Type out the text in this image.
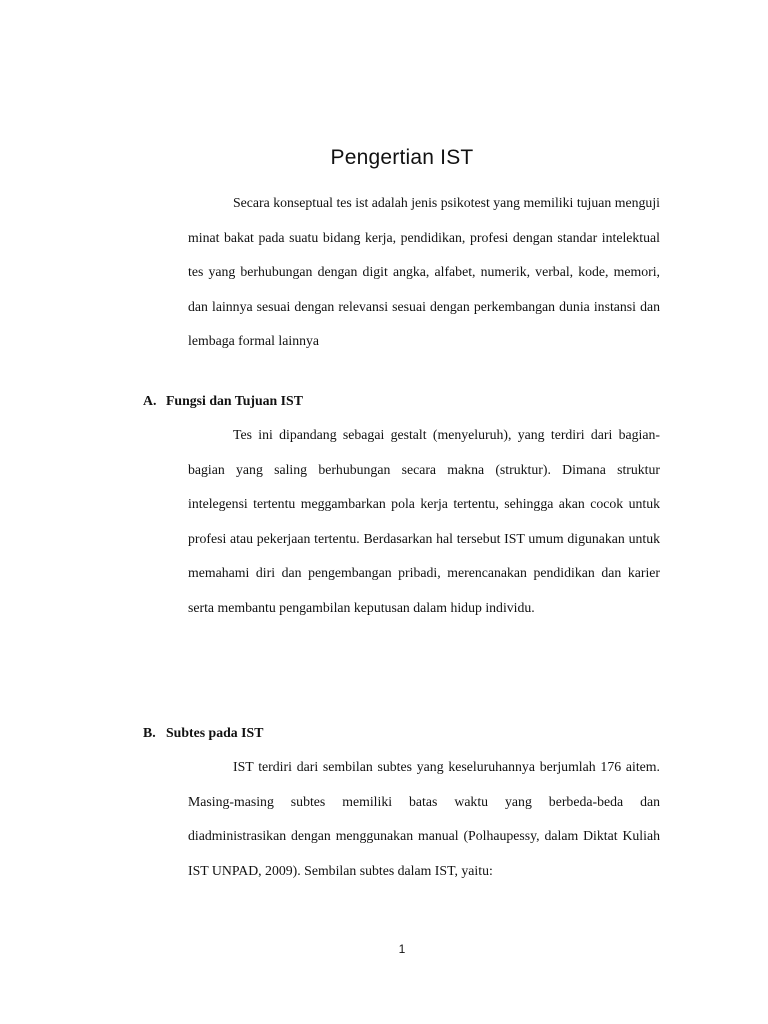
Pengertian IST

Secara konseptual tes ist adalah jenis psikotest yang memiliki tujuan menguji minat bakat pada suatu bidang kerja, pendidikan, profesi dengan standar intelektual tes yang berhubungan dengan digit angka, alfabet, numerik, verbal, kode, memori, dan lainnya sesuai dengan relevansi sesuai dengan perkembangan dunia instansi dan lembaga formal lainnya

A. Fungsi dan Tujuan IST

Tes ini dipandang sebagai gestalt (menyeluruh), yang terdiri dari bagian- bagian yang saling berhubungan secara makna (struktur). Dimana struktur intelegensi tertentu meggambarkan pola kerja tertentu, sehingga akan cocok untuk profesi atau pekerjaan tertentu. Berdasarkan hal tersebut IST umum digunakan untuk memahami diri dan pengembangan pribadi, merencanakan pendidikan dan karier serta membantu pengambilan keputusan dalam hidup individu.

B. Subtes pada IST

IST terdiri dari sembilan subtes yang keseluruhannya berjumlah 176 aitem. Masing-masing subtes memiliki batas waktu yang berbeda-beda dan diadministrasikan dengan menggunakan manual (Polhaupessy, dalam Diktat Kuliah IST UNPAD, 2009). Sembilan subtes dalam IST, yaitu:

1
